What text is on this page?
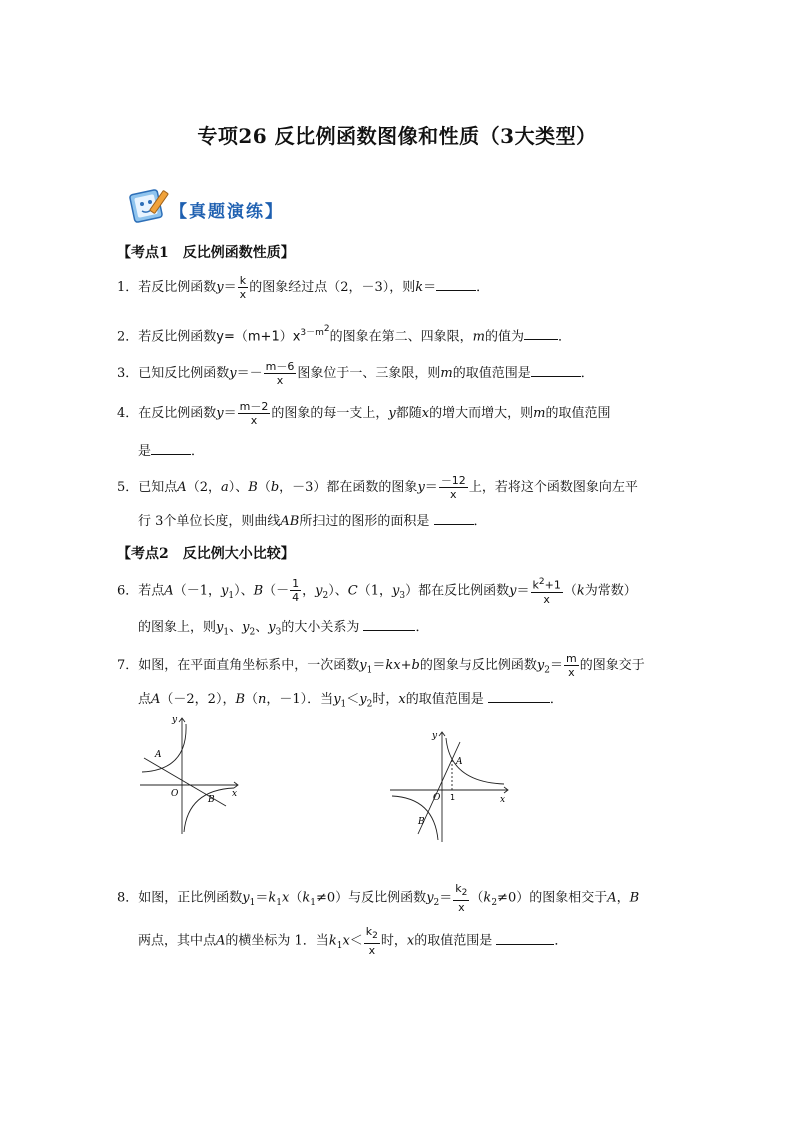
专项26 反比例函数图像和性质（3大类型）
【真题演练】
【考点1　反比例函数性质】
1．若反比例函数$y= \frac{k}{x}$ 的图象经过点（2，－3），则k＝	．
2．若反比例函数$y=(m+1)x^{3-m2}$的图象在第二、四象限，m的值为	．
3．已知反比例函数$y=- \frac{m-6}{x}$ 图象位于一、三象限，则m的取值范围是	．
4．在反比例函数$y= \frac{m-2}{x}$ 的图象的每一支上，y都随x的增大而增大，则m的取值范围
是	．
5．已知点A（2，a）、B（b，－3）都在函数的图象$y= \frac{-12}{x}$ 上，若将这个函数图象向左平
行 3个单位长度，则曲线AB所扫过的图形的面积是	．
【考点2　反比例大小比较】
6．若点A（－1，$y_1$）、$B(- \frac{1}{4}$ ，$y_2$）、C（1，$y_3$）都在反比例函数$y= \frac{k^2+1}{x} (k$为常数）
的图象上，则$y_1$、$y_2$、$y_3$的大小关系为	．
7．如图，在平面直角坐标系中，一次函数$y_1=kx+b$的图象与反比例函数$y_2= \frac{m}{x}$ 的图象交于
点A（－2，2），B（n，－1）．当$y_1<y_2$时，x的取值范围是	．
y
x
O
A
B
y
x
O 1
A
B
8．如图，正比例函数$y_1=k_1x(k_1\ne 0)$与反比例函数$y_2= \frac{k_2}{x} (k_2\ne 0)$的图象相交于A，B
两点，其中点A的横坐标为 1．当$k_1x< \frac{k_2}{x}$ 时，x的取值范围是	．
